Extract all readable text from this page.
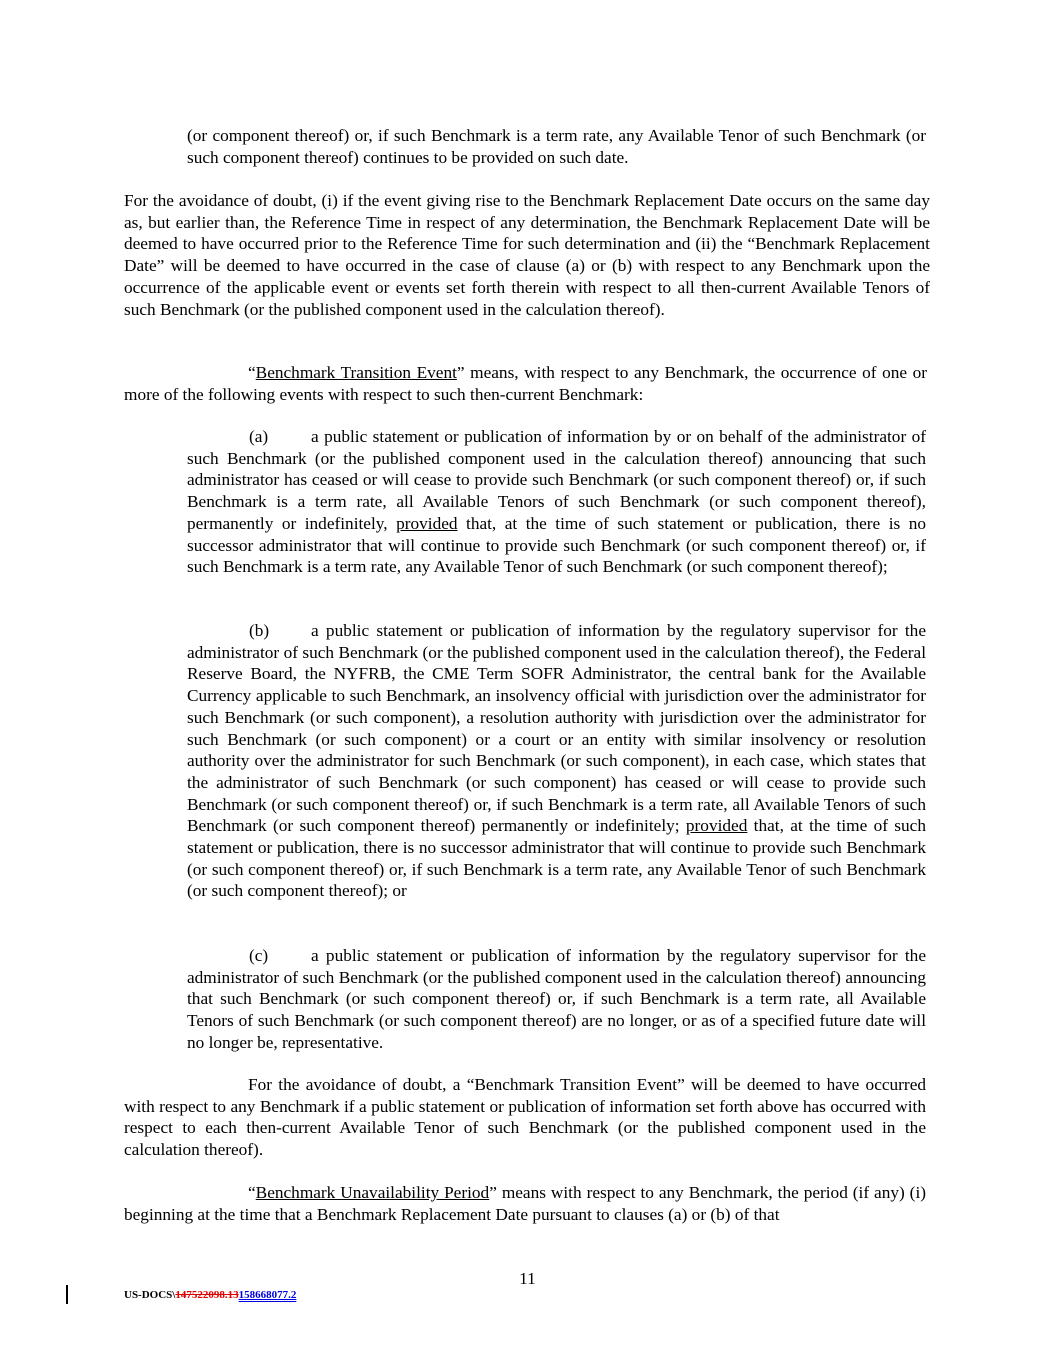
(or component thereof) or, if such Benchmark is a term rate, any Available Tenor of such Benchmark (or such component thereof) continues to be provided on such date.

For the avoidance of doubt, (i) if the event giving rise to the Benchmark Replacement Date occurs on the same day as, but earlier than, the Reference Time in respect of any determination, the Benchmark Replacement Date will be deemed to have occurred prior to the Reference Time for such determination and (ii) the “Benchmark Replacement Date” will be deemed to have occurred in the case of clause (a) or (b) with respect to any Benchmark upon the occurrence of the applicable event or events set forth therein with respect to all then-current Available Tenors of such Benchmark (or the published component used in the calculation thereof).

“Benchmark Transition Event” means, with respect to any Benchmark, the occurrence of one or more of the following events with respect to such then-current Benchmark:

(a) a public statement or publication of information by or on behalf of the administrator of such Benchmark (or the published component used in the calculation thereof) announcing that such administrator has ceased or will cease to provide such Benchmark (or such component thereof) or, if such Benchmark is a term rate, all Available Tenors of such Benchmark (or such component thereof), permanently or indefinitely, provided that, at the time of such statement or publication, there is no successor administrator that will continue to provide such Benchmark (or such component thereof) or, if such Benchmark is a term rate, any Available Tenor of such Benchmark (or such component thereof);

(b) a public statement or publication of information by the regulatory supervisor for the administrator of such Benchmark (or the published component used in the calculation thereof), the Federal Reserve Board, the NYFRB, the CME Term SOFR Administrator, the central bank for the Available Currency applicable to such Benchmark, an insolvency official with jurisdiction over the administrator for such Benchmark (or such component), a resolution authority with jurisdiction over the administrator for such Benchmark (or such component) or a court or an entity with similar insolvency or resolution authority over the administrator for such Benchmark (or such component), in each case, which states that the administrator of such Benchmark (or such component) has ceased or will cease to provide such Benchmark (or such component thereof) or, if such Benchmark is a term rate, all Available Tenors of such Benchmark (or such component thereof) permanently or indefinitely; provided that, at the time of such statement or publication, there is no successor administrator that will continue to provide such Benchmark (or such component thereof) or, if such Benchmark is a term rate, any Available Tenor of such Benchmark (or such component thereof); or

(c) a public statement or publication of information by the regulatory supervisor for the administrator of such Benchmark (or the published component used in the calculation thereof) announcing that such Benchmark (or such component thereof) or, if such Benchmark is a term rate, all Available Tenors of such Benchmark (or such component thereof) are no longer, or as of a specified future date will no longer be, representative.

For the avoidance of doubt, a “Benchmark Transition Event” will be deemed to have occurred with respect to any Benchmark if a public statement or publication of information set forth above has occurred with respect to each then-current Available Tenor of such Benchmark (or the published component used in the calculation thereof).

“Benchmark Unavailability Period” means with respect to any Benchmark, the period (if any) (i) beginning at the time that a Benchmark Replacement Date pursuant to clauses (a) or (b) of that

11
US-DOCS\147522098.13158668077.2
